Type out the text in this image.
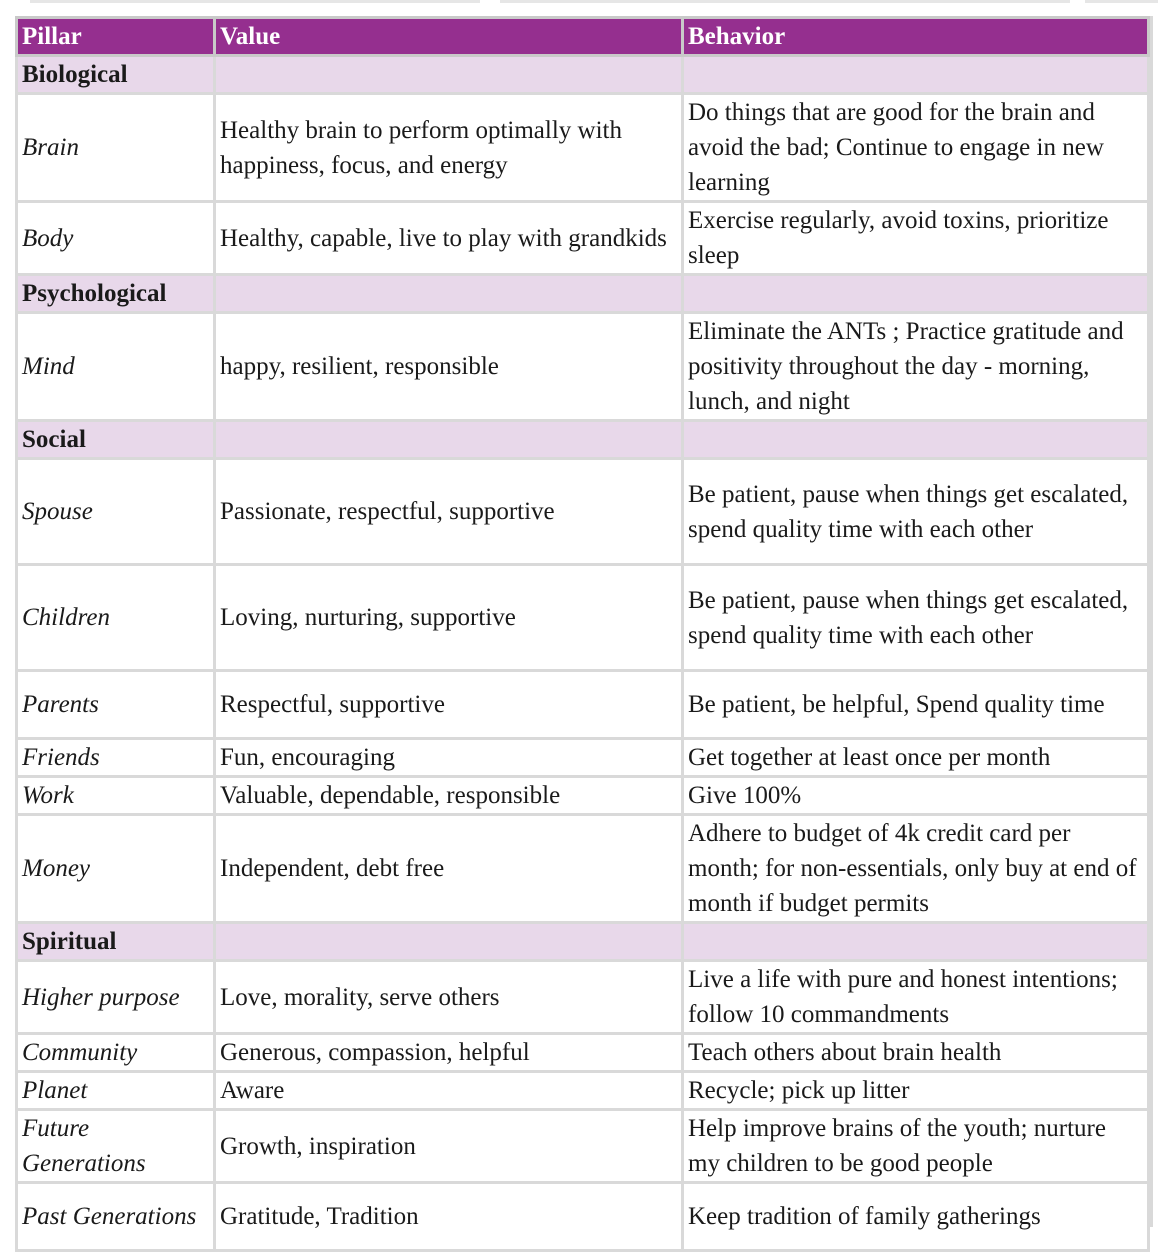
Pillar	Value	Behavior
Biological		
Brain	Healthy brain to perform optimally with happiness, focus, and energy	Do things that are good for the brain and avoid the bad; Continue to engage in new learning
Body	Healthy, capable, live to play with grandkids	Exercise regularly, avoid toxins, prioritize sleep
Psychological		
Mind	happy, resilient, responsible	Eliminate the ANTs ; Practice gratitude and positivity throughout the day - morning, lunch, and night
Social		
Spouse	Passionate, respectful, supportive	Be patient, pause when things get escalated, spend quality time with each other
Children	Loving, nurturing, supportive	Be patient, pause when things get escalated, spend quality time with each other
Parents	Respectful, supportive	Be patient, be helpful, Spend quality time
Friends	Fun, encouraging	Get together at least once per month
Work	Valuable, dependable, responsible	Give 100%
Money	Independent, debt free	Adhere to budget of 4k credit card per month; for non-essentials, only buy at end of month if budget permits
Spiritual		
Higher purpose	Love, morality, serve others	Live a life with pure and honest intentions; follow 10 commandments
Community	Generous, compassion, helpful	Teach others about brain health
Planet	Aware	Recycle; pick up litter
Future Generations	Growth, inspiration	Help improve brains of the youth; nurture my children to be good people
Past Generations	Gratitude, Tradition	Keep tradition of family gatherings
